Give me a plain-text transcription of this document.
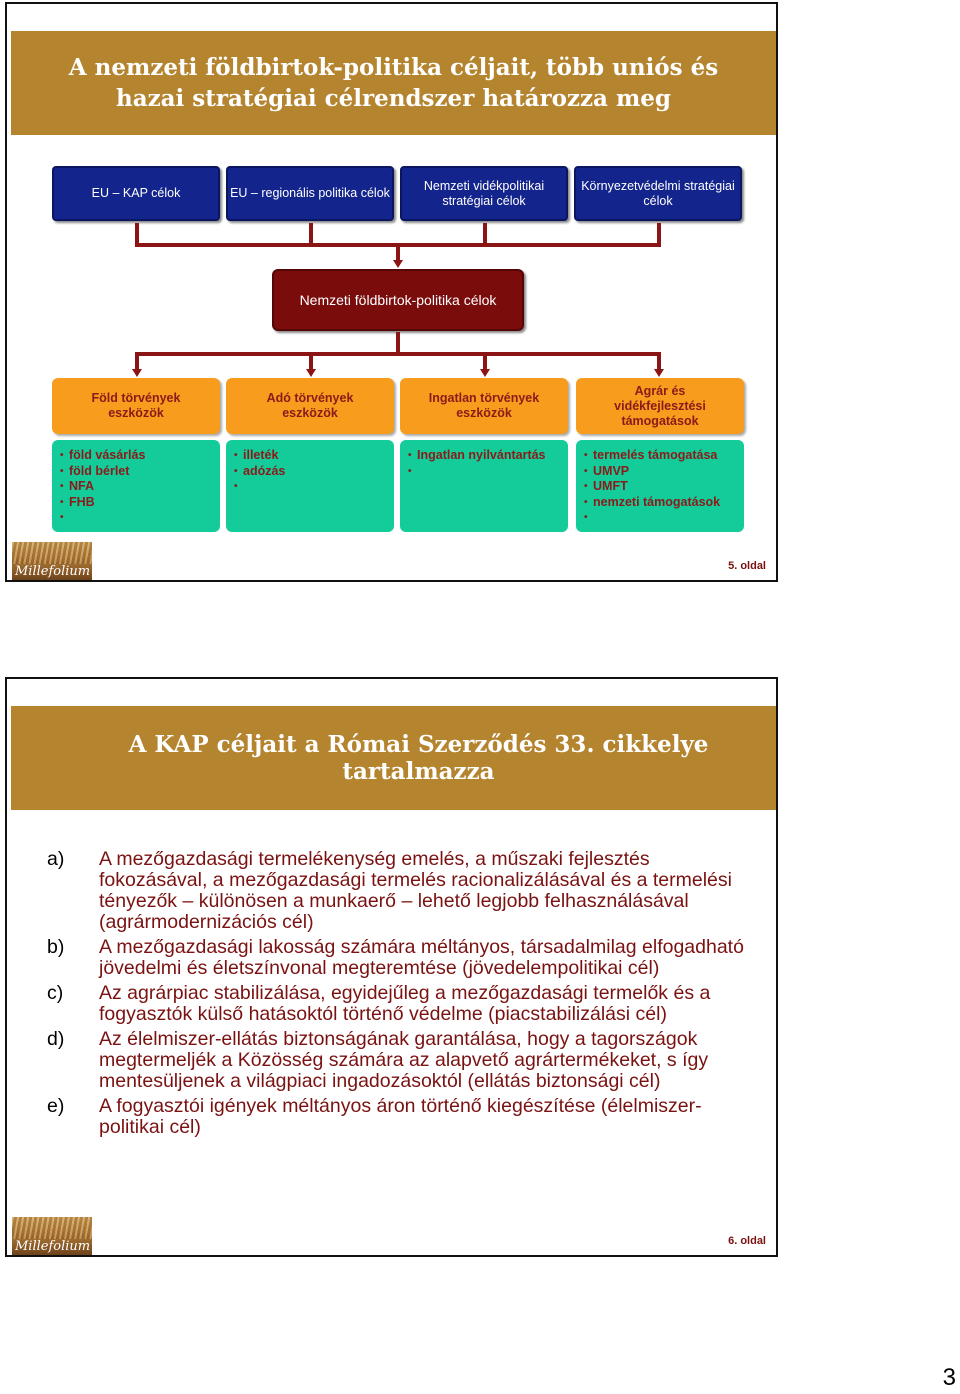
A nemzeti földbirtok-politika céljait, több uniós és hazai stratégiai célrendszer határozza meg
EU – KAP célok	EU – regionális politika célok
Nemzeti vidékpolitikai stratégiai célok
Környezetvédelmi stratégiai célok
Nemzeti földbirtok-politika célok
Föld törvények eszközök
Adó törvények eszközök
Ingatlan törvények eszközök
Agrár és vidékfejlesztési támogatások
• föld vásárlás
• föld bérlet
• NFA
• FHB
• illeték
• adózás
• Ingatlan nyilvántartás
•	termelés támogatása
• UMVP
• UMFT
• nemzeti támogatások
Millefolium	5. oldal
A KAP céljait a Római Szerződés 33. cikkelye tartalmazza
a)	A mezőgazdasági termelékenység emelés, a műszaki fejlesztés fokozásával, a mezőgazdasági termelés racionalizálásával és a termelési tényezők – különösen a munkaerő – lehető legjobb felhasználásával (agrármodernizációs cél)
b)	A mezőgazdasági lakosság számára méltányos, társadalmilag elfogadható jövedelmi és életszínvonal megteremtése (jövedelempolitikai cél)
c)	Az agrárpiac stabilizálása, egyidejűleg a mezőgazdasági termelők és a fogyasztók külső hatásoktól történő védelme (piacstabilizálási cél)
d)	Az élelmiszer-ellátás biztonságának garantálása, hogy a tagországok megtermeljék a Közösség számára az alapvető agrártermékeket, s így mentesüljenek a világpiaci ingadozásoktól (ellátás biztonsági cél)
e)	A fogyasztói igények méltányos áron történő kiegészítése (élelmiszer-politikai cél)
Millefolium	6. oldal
3
